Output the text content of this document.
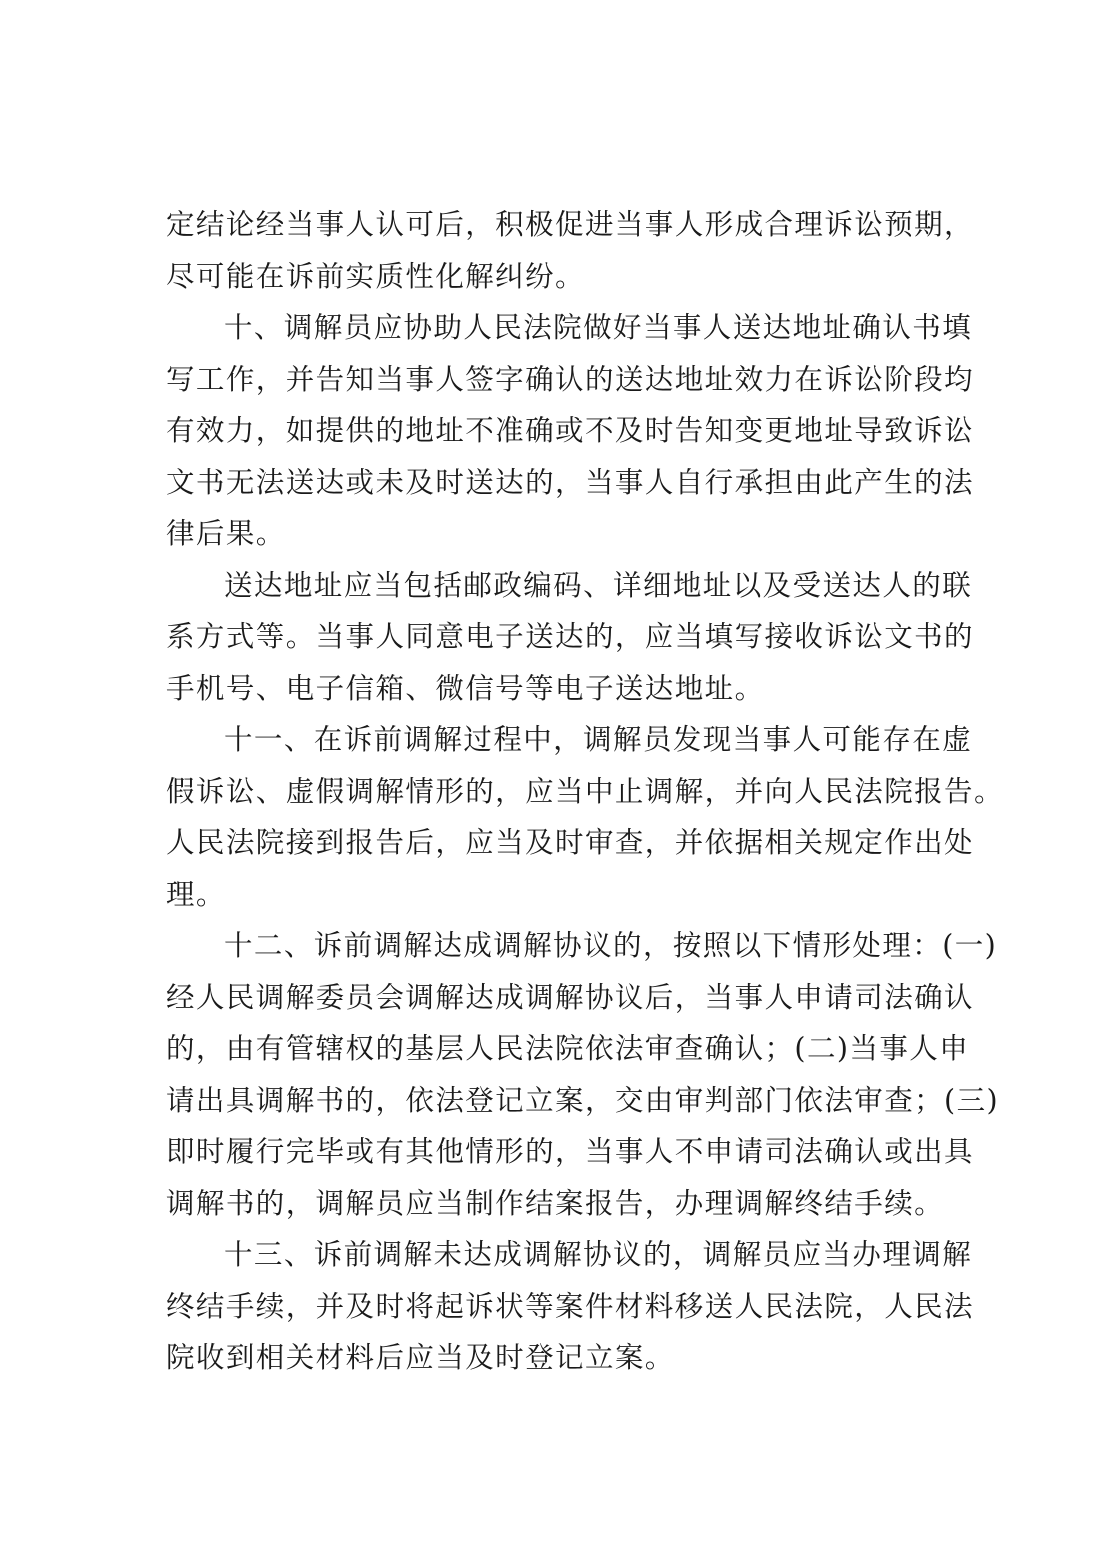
定结论经当事人认可后，积极促进当事人形成合理诉讼预期，
尽可能在诉前实质性化解纠纷。
十、调解员应协助人民法院做好当事人送达地址确认书填
写工作，并告知当事人签字确认的送达地址效力在诉讼阶段均
有效力，如提供的地址不准确或不及时告知变更地址导致诉讼
文书无法送达或未及时送达的，当事人自行承担由此产生的法
律后果。
送达地址应当包括邮政编码、详细地址以及受送达人的联
系方式等。当事人同意电子送达的，应当填写接收诉讼文书的
手机号、电子信箱、微信号等电子送达地址。
十一、在诉前调解过程中，调解员发现当事人可能存在虚
假诉讼、虚假调解情形的，应当中止调解，并向人民法院报告。
人民法院接到报告后，应当及时审查，并依据相关规定作出处
理。
十二、诉前调解达成调解协议的，按照以下情形处理：(一)
经人民调解委员会调解达成调解协议后，当事人申请司法确认
的，由有管辖权的基层人民法院依法审查确认；(二)当事人申
请出具调解书的，依法登记立案，交由审判部门依法审查；(三)
即时履行完毕或有其他情形的，当事人不申请司法确认或出具
调解书的，调解员应当制作结案报告，办理调解终结手续。
十三、诉前调解未达成调解协议的，调解员应当办理调解
终结手续，并及时将起诉状等案件材料移送人民法院，人民法
院收到相关材料后应当及时登记立案。
